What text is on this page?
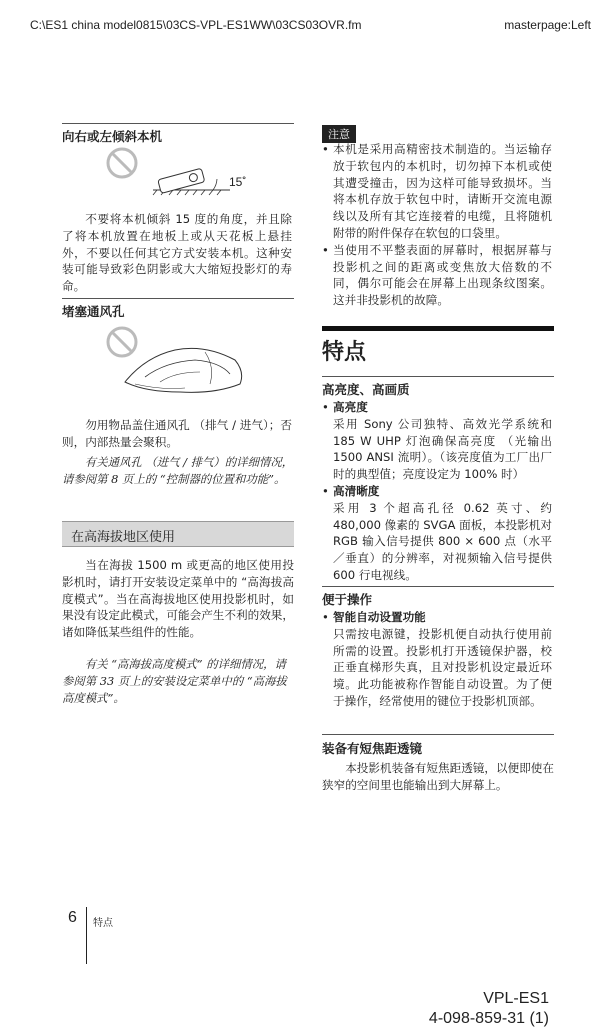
C:\ES1 china model0815\03CS-VPL-ES1WW\03CS03OVR.fm	masterpage:Left
向右或左倾斜本机
15˚
不要将本机倾斜 15 度的角度，并且除了将本机放置在地板上或从天花板上悬挂外，不要以任何其它方式安装本机。这种安装可能导致彩色阴影或大大缩短投影灯的寿命。
堵塞通风孔
勿用物品盖住通风孔 （排气 / 进气）；否则，内部热量会聚积。
有关通风孔 （进气 / 排气）的详细情况，请参阅第 8 页上的 “控制器的位置和功能”。
在高海拔地区使用
当在海拔 1500 m 或更高的地区使用投影机时，请打开安装设定菜单中的 “高海拔高度模式”。当在高海拔地区使用投影机时，如果没有设定此模式，可能会产生不利的效果，诸如降低某些组件的性能。
有关 “高海拔高度模式” 的详细情况，请参阅第 33 页上的安装设定菜单中的 “高海拔高度模式”。
注意
• 本机是采用高精密技术制造的。当运输存放于软包内的本机时，切勿掉下本机或使其遭受撞击，因为这样可能导致损坏。当将本机存放于软包中时，请断开交流电源线以及所有其它连接着的电缆，且将随机附带的附件保存在软包的口袋里。
• 当使用不平整表面的屏幕时，根据屏幕与投影机之间的距离或变焦放大倍数的不同，偶尔可能会在屏幕上出现条纹图案。这并非投影机的故障。
特点
高亮度、高画质
• 高亮度
采用 Sony 公司独特、高效光学系统和 185 W UHP 灯泡确保高亮度 （光输出 1500 ANSI 流明）。（该亮度值为工厂出厂时的典型值；亮度设定为 100% 时）
• 高清晰度
采用 3 个超高孔径 0.62 英寸、约 480,000 像素的 SVGA 面板，本投影机对 RGB 输入信号提供 800 × 600 点（水平／垂直）的分辨率，对视频输入信号提供 600 行电视线。
便于操作
• 智能自动设置功能
只需按电源键，投影机便自动执行使用前所需的设置。投影机打开透镜保护器，校正垂直梯形失真，且对投影机设定最近环境。此功能被称作智能自动设置。为了便于操作，经常使用的键位于投影机顶部。
装备有短焦距透镜
本投影机装备有短焦距透镜，以便即使在狭窄的空间里也能输出到大屏幕上。
6 特点
VPL-ES1
4-098-859-31 (1)
